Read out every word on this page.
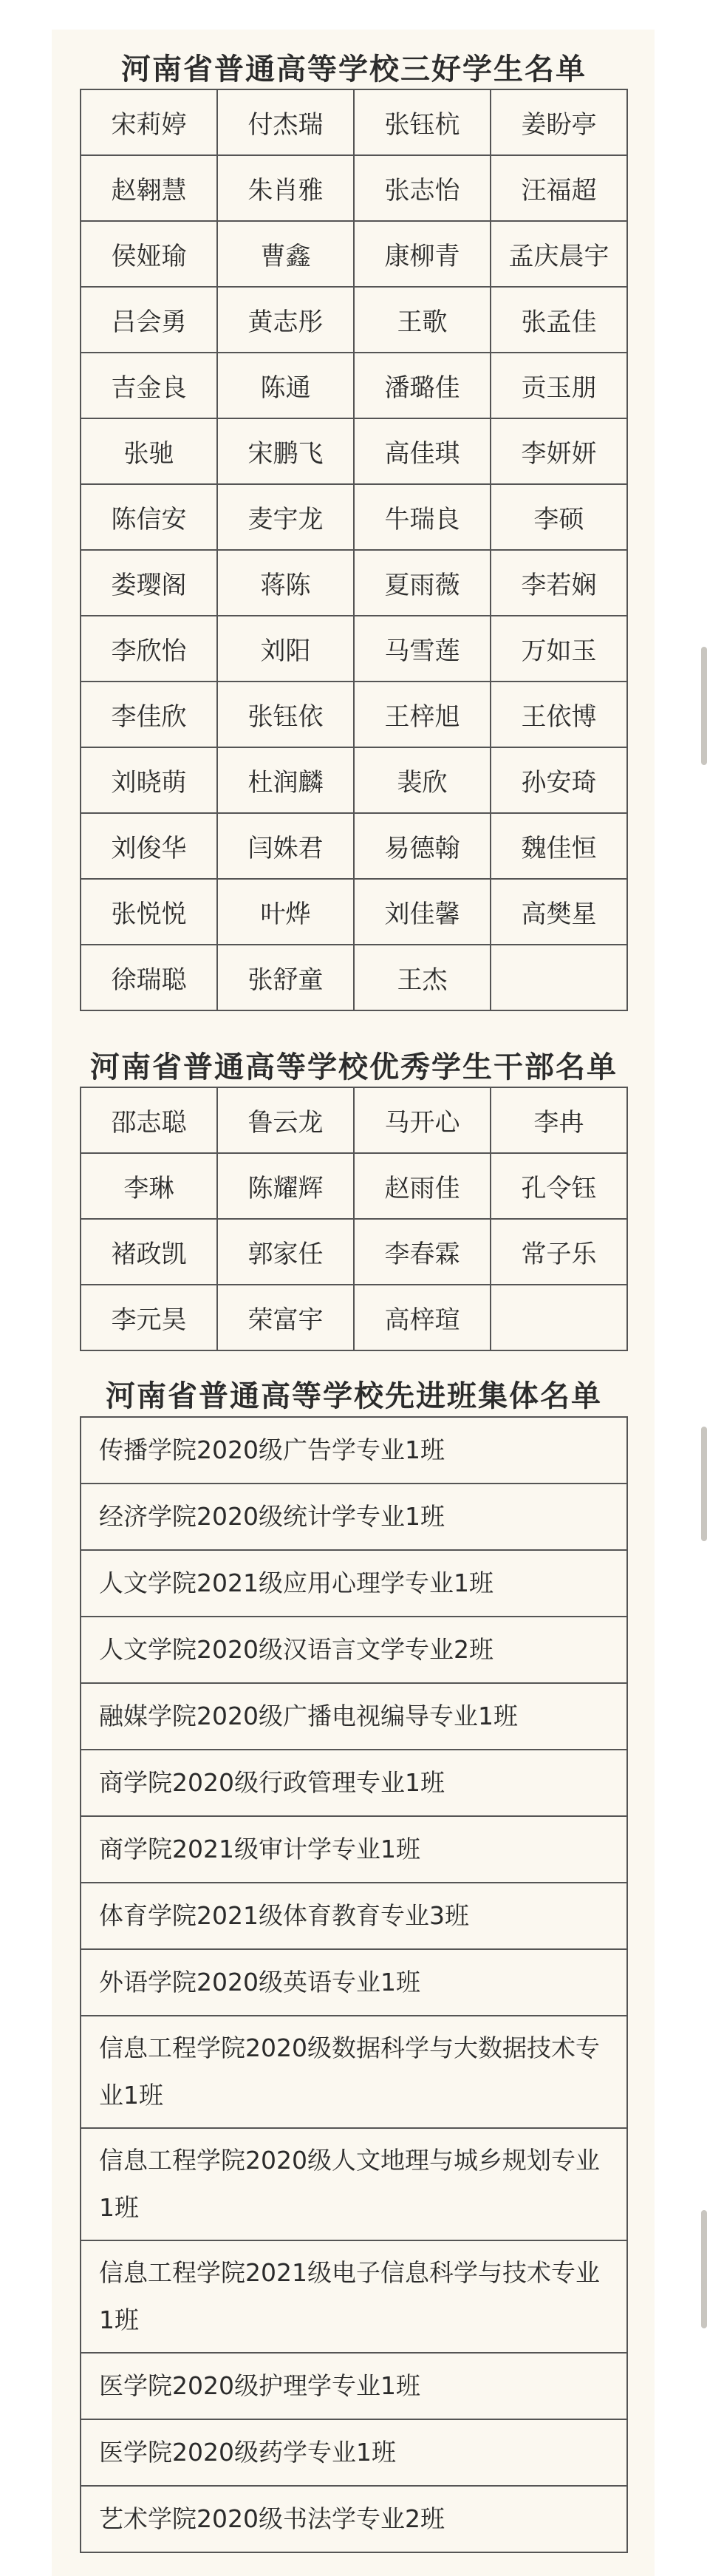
河南省普通高等学校三好学生名单
宋莉婷	付杰瑞	张钰杭	姜盼亭
赵翱慧	朱肖雅	张志怡	汪福超
侯娅瑜	曹鑫	康柳青	孟庆晨宇
吕会勇	黄志彤	王歌	张孟佳
吉金良	陈通	潘璐佳	贡玉朋
张驰	宋鹏飞	高佳琪	李妍妍
陈信安	麦宇龙	牛瑞良	李硕
娄璎阁	蒋陈	夏雨薇	李若娴
李欣怡	刘阳	马雪莲	万如玉
李佳欣	张钰依	王梓旭	王依博
刘晓萌	杜润麟	裴欣	孙安琦
刘俊华	闫姝君	易德翰	魏佳恒
张悦悦	叶烨	刘佳馨	高樊星
徐瑞聪	张舒童	王杰
河南省普通高等学校优秀学生干部名单
邵志聪	鲁云龙	马开心	李冉
李琳	陈耀辉	赵雨佳	孔令钰
褚政凯	郭家任	李春霖	常子乐
李元昊	荣富宇	高梓瑄
河南省普通高等学校先进班集体名单
传播学院2020级广告学专业1班
经济学院2020级统计学专业1班
人文学院2021级应用心理学专业1班
人文学院2020级汉语言文学专业2班
融媒学院2020级广播电视编导专业1班
商学院2020级行政管理专业1班
商学院2021级审计学专业1班
体育学院2021级体育教育专业3班
外语学院2020级英语专业1班
信息工程学院2020级数据科学与大数据技术专业1班
信息工程学院2020级人文地理与城乡规划专业1班
信息工程学院2021级电子信息科学与技术专业1班
医学院2020级护理学专业1班
医学院2020级药学专业1班
艺术学院2020级书法学专业2班
